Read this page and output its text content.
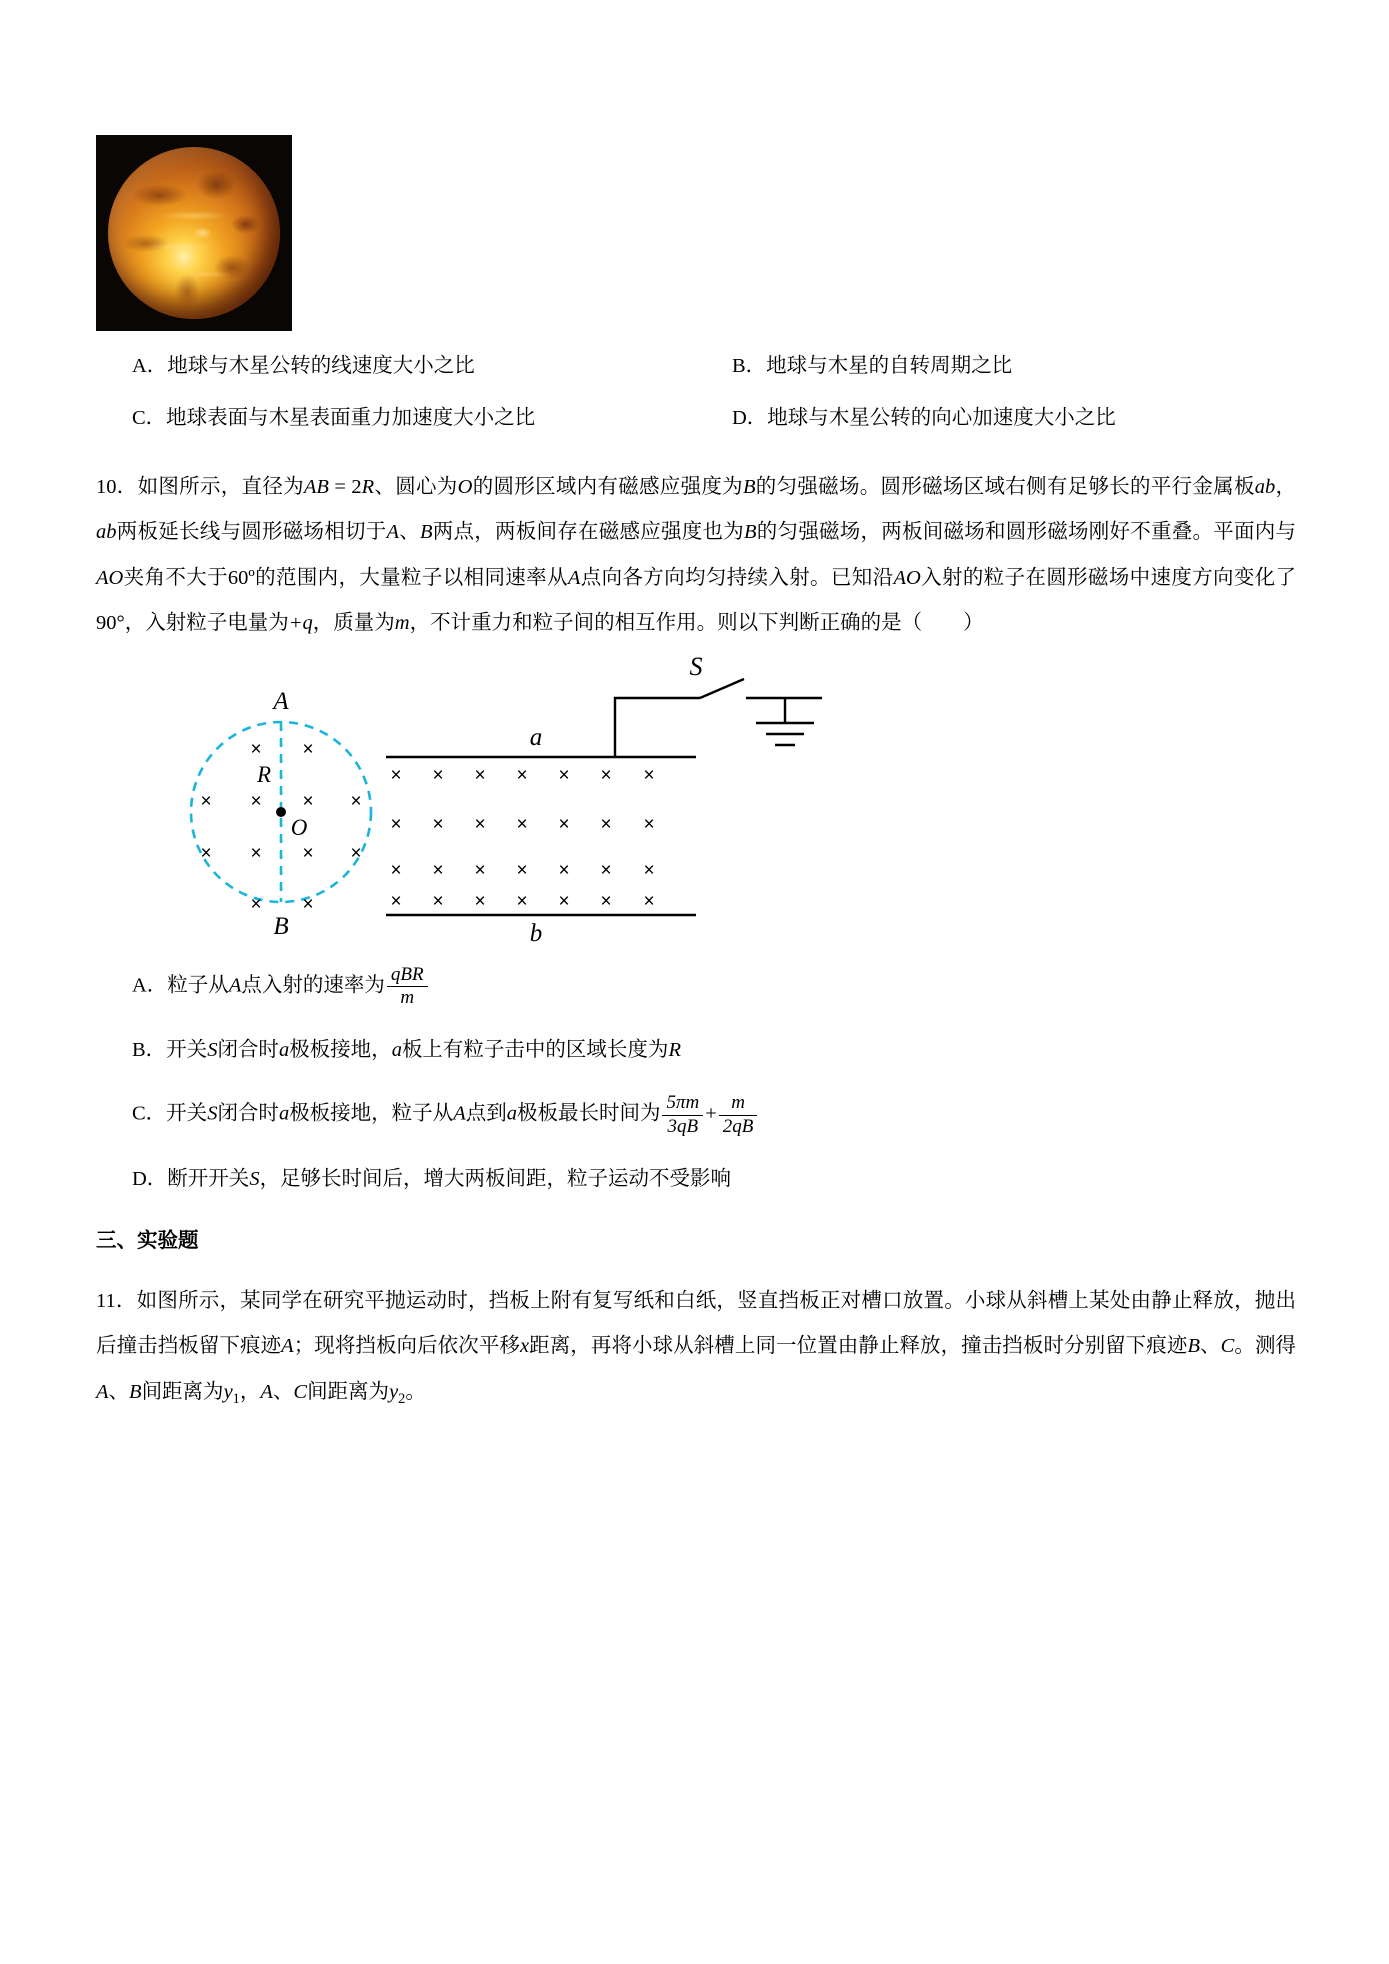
A．地球与木星公转的线速度大小之比	B．地球与木星的自转周期之比
C．地球表面与木星表面重力加速度大小之比	D．地球与木星公转的向心加速度大小之比
10．如图所示，直径为AB = 2R、圆心为O的圆形区域内有磁感应强度为B的匀强磁场。圆形磁场区域右侧有足够长的平行金属板ab，ab两板延长线与圆形磁场相切于A、B两点，两板间存在磁感应强度也为B的匀强磁场，两板间磁场和圆形磁场刚好不重叠。平面内与AO夹角不大于60º的范围内，大量粒子以相同速率从A点向各方向均匀持续入射。已知沿AO入射的粒子在圆形磁场中速度方向变化了90°，入射粒子电量为+q，质量为m，不计重力和粒子间的相互作用。则以下判断正确的是（　　）
A
B
O
R
× ×
× × × ×
× × × ×
× ×
a
b
S
× × × × × × ×
× × × × × × ×
× × × × × × ×
× × × × × × ×
A．粒子从A点入射的速率为 $\frac{\text{qBR}}{m}$
B．开关S闭合时a极板接地，a板上有粒子击中的区域长度为R
C．开关S闭合时a极板接地，粒子从A点到a极板最长时间为 $\frac{5\pi m}{3qB} + \frac{m}{2qB}$
D．断开开关S，足够长时间后，增大两板间距，粒子运动不受影响
三、实验题
11．如图所示，某同学在研究平抛运动时，挡板上附有复写纸和白纸，竖直挡板正对槽口放置。小球从斜槽上某处由静止释放，抛出后撞击挡板留下痕迹A；现将挡板向后依次平移x距离，再将小球从斜槽上同一位置由静止释放，撞击挡板时分别留下痕迹B、C。测得A、B间距离为$y_1$，A、C间距离为$y_2$。
